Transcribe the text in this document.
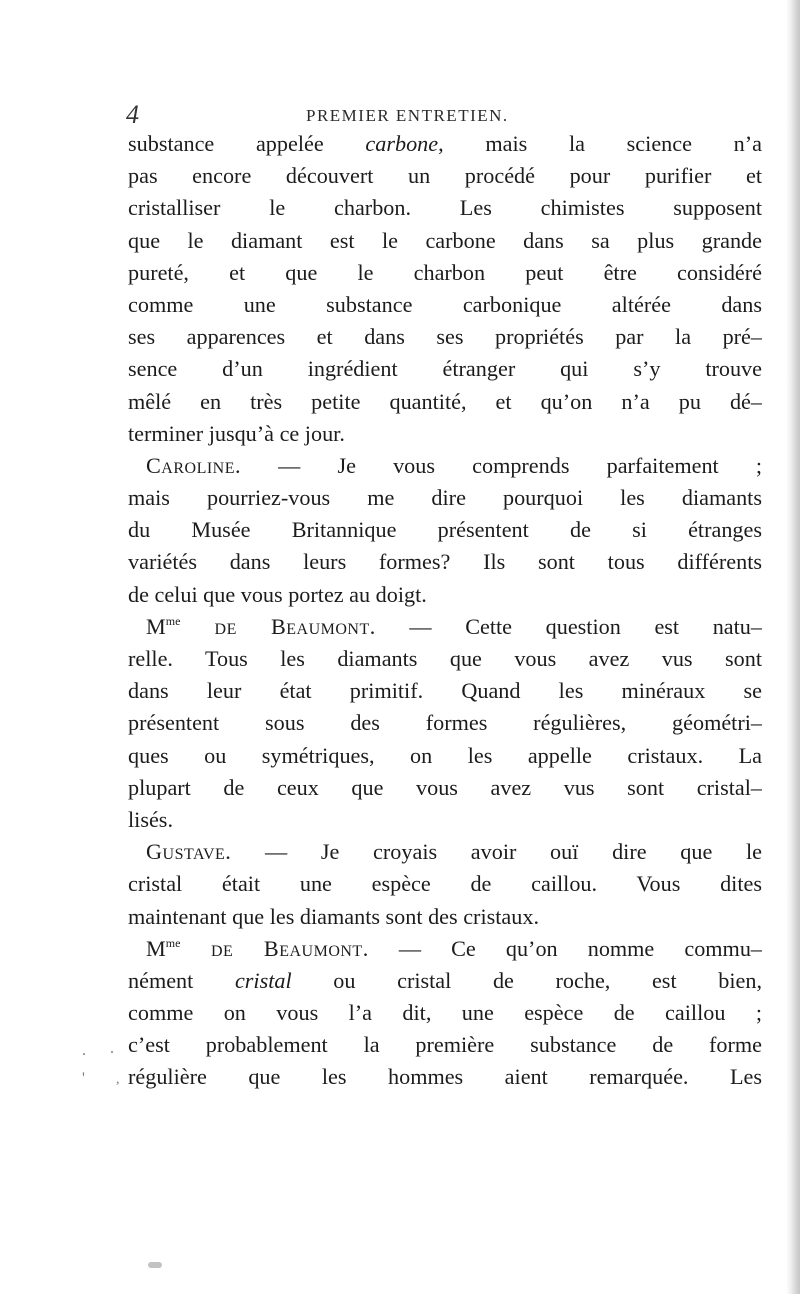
4	PREMIER ENTRETIEN.
substance appelée carbone, mais la science n’a
pas encore découvert un procédé pour purifier et
cristalliser le charbon. Les chimistes supposent
que le diamant est le carbone dans sa plus grande
pureté, et que le charbon peut être considéré
comme une substance carbonique altérée dans
ses apparences et dans ses propriétés par la pré–
sence d’un ingrédient étranger qui s’y trouve
mêlé en très petite quantité, et qu’on n’a pu dé–
terminer jusqu’à ce jour.
Caroline. — Je vous comprends parfaitement ;
mais pourriez-vous me dire pourquoi les diamants
du Musée Britannique présentent de si étranges
variétés dans leurs formes? Ils sont tous différents
de celui que vous portez au doigt.
$M^{me}$ de Beaumont. — Cette question est natu–
relle. Tous les diamants que vous avez vus sont
dans leur état primitif. Quand les minéraux se
présentent sous des formes régulières, géométri–
ques ou symétriques, on les appelle cristaux. La
plupart de ceux que vous avez vus sont cristal–
lisés.
Gustave. — Je croyais avoir ouï dire que le
cristal était une espèce de caillou. Vous dites
maintenant que les diamants sont des cristaux.
$M^{me}$ de Beaumont. — Ce qu’on nomme commu–
nément cristal ou cristal de roche, est bien,
comme on vous l’a dit, une espèce de caillou ;
c’est probablement la première substance de forme
régulière que les hommes aient remarquée. Les
. .
' ,
